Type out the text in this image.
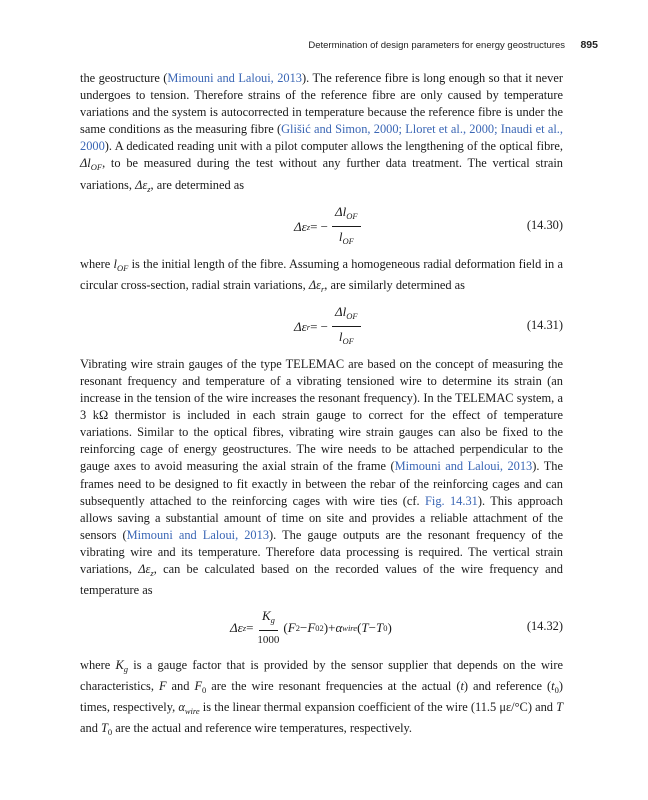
Determination of design parameters for energy geostructures 895

the geostructure (Mimouni and Laloui, 2013). The reference fibre is long enough so that it never undergoes to tension. Therefore strains of the reference fibre are only caused by temperature variations and the system is autocorrected in temperature because the reference fibre is under the same conditions as the measuring fibre (Glišić and Simon, 2000; Lloret et al., 2000; Inaudi et al., 2000). A dedicated reading unit with a pilot computer allows the lengthening of the optical fibre, $\Delta l_{OF}$, to be measured during the test without any further data treatment. The vertical strain variations, $\Delta\varepsilon_z$, are determined as

Δε z = − $\frac{\Delta l_{OF}}{l_{OF}}$	(14.30)

where $l_{OF}$ is the initial length of the fibre. Assuming a homogeneous radial deformation field in a circular cross-section, radial strain variations, $\Delta\varepsilon_r$, are similarly determined as

Δε r = − $\frac{\Delta l_{OF}}{l_{OF}}$	(14.31)

Vibrating wire strain gauges of the type TELEMAC are based on the concept of measuring the resonant frequency and temperature of a vibrating tensioned wire to determine its strain (an increase in the tension of the wire increases the resonant frequency). In the TELEMAC system, a 3 kΩ thermistor is included in each strain gauge to correct for the effect of temperature variations. Similar to the optical fibres, vibrating wire strain gauges can also be fixed to the reinforcing cage of energy geostructures. The wire needs to be attached perpendicular to the gauge axes to avoid measuring the axial strain of the frame (Mimouni and Laloui, 2013). The frames need to be designed to fit exactly in between the rebar of the reinforcing cages and can subsequently attached to the reinforcing cages with wire ties (cf. Fig. 14.31). This approach allows saving a substantial amount of time on site and provides a reliable attachment of the sensors (Mimouni and Laloui, 2013). The gauge outputs are the resonant frequency of the vibrating wire and its temperature. Therefore data processing is required. The vertical strain variations, $\Delta\varepsilon_z$, can be calculated based on the recorded values of the wire frequency and temperature as

Δε $z = \frac{K_g}{1000}$ ( F 2 − F 0 2 ) + α wire ( T − T 0 )	(14.32)

where $K_g$ is a gauge factor that is provided by the sensor supplier that depends on the wire characteristics, F and $F_0$ are the wire resonant frequencies at the actual (t) and reference $(t_0)$ times, respectively, $\alpha_{wire}$ is the linear thermal expansion coefficient of the wire (11.5 με/°C) and T and $T_0$ are the actual and reference wire temperatures, respectively.
